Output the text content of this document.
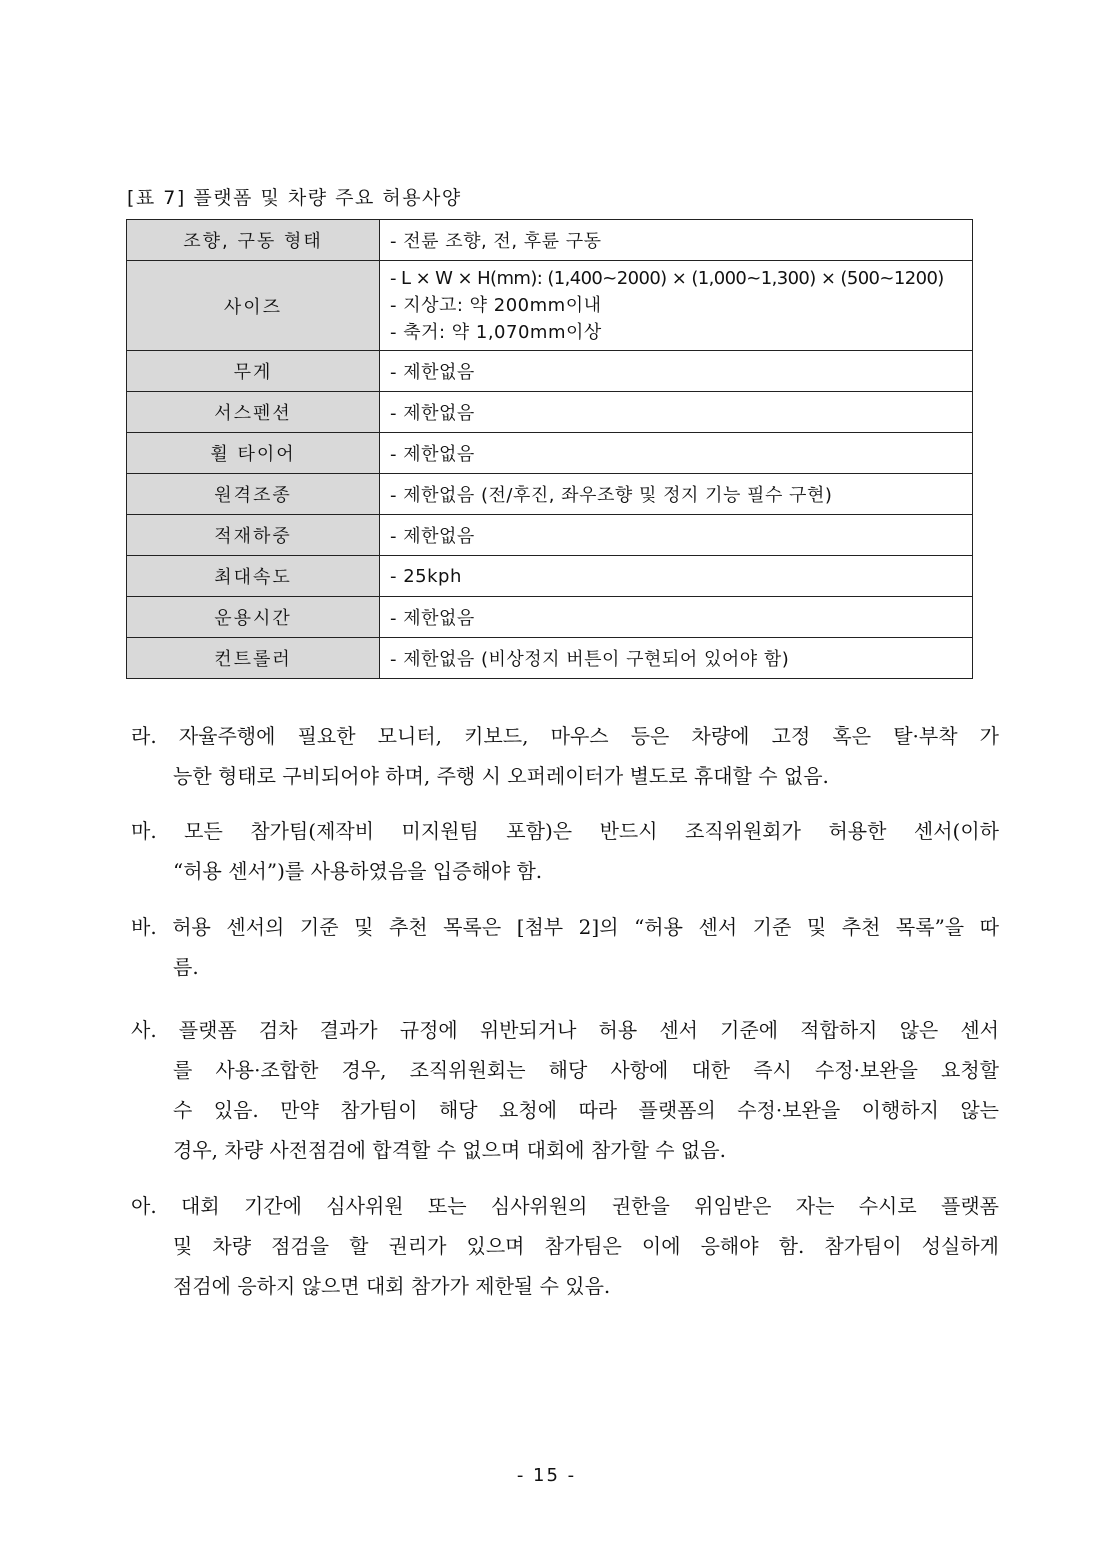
[표 7] 플랫폼 및 차량 주요 허용사양
조향, 구동 형태	- 전륜 조향, 전, 후륜 구동
사이즈	- L × W × H(mm): (1,400~2000) × (1,000~1,300) × (500~1200)
- 지상고: 약 200mm이내
- 축거: 약 1,070mm이상

무게	- 제한없음
서스펜션	- 제한없음
휠 타이어	- 제한없음
원격조종	- 제한없음 (전/후진, 좌우조향 및 정지 기능 필수 구현)
적재하중	- 제한없음
최대속도	- 25kph
운용시간	- 제한없음
컨트롤러	- 제한없음 (비상정지 버튼이 구현되어 있어야 함)
라. 자율주행에 필요한 모니터, 키보드, 마우스 등은 차량에 고정 혹은 탈·부착 가
능한 형태로 구비되어야 하며, 주행 시 오퍼레이터가 별도로 휴대할 수 없음.
마. 모든 참가팀(제작비 미지원팀 포함)은 반드시 조직위원회가 허용한 센서(이하
“허용 센서”)를 사용하였음을 입증해야 함.
바. 허용 센서의 기준 및 추천 목록은 [첨부 2]의 “허용 센서 기준 및 추천 목록”을 따
름.
사. 플랫폼 검차 결과가 규정에 위반되거나 허용 센서 기준에 적합하지 않은 센서
를 사용·조합한 경우, 조직위원회는 해당 사항에 대한 즉시 수정·보완을 요청할
수 있음. 만약 참가팀이 해당 요청에 따라 플랫폼의 수정·보완을 이행하지 않는
경우, 차량 사전점검에 합격할 수 없으며 대회에 참가할 수 없음.
아. 대회 기간에 심사위원 또는 심사위원의 권한을 위임받은 자는 수시로 플랫폼
및 차량 점검을 할 권리가 있으며 참가팀은 이에 응해야 함. 참가팀이 성실하게
점검에 응하지 않으면 대회 참가가 제한될 수 있음.
- 15 -
